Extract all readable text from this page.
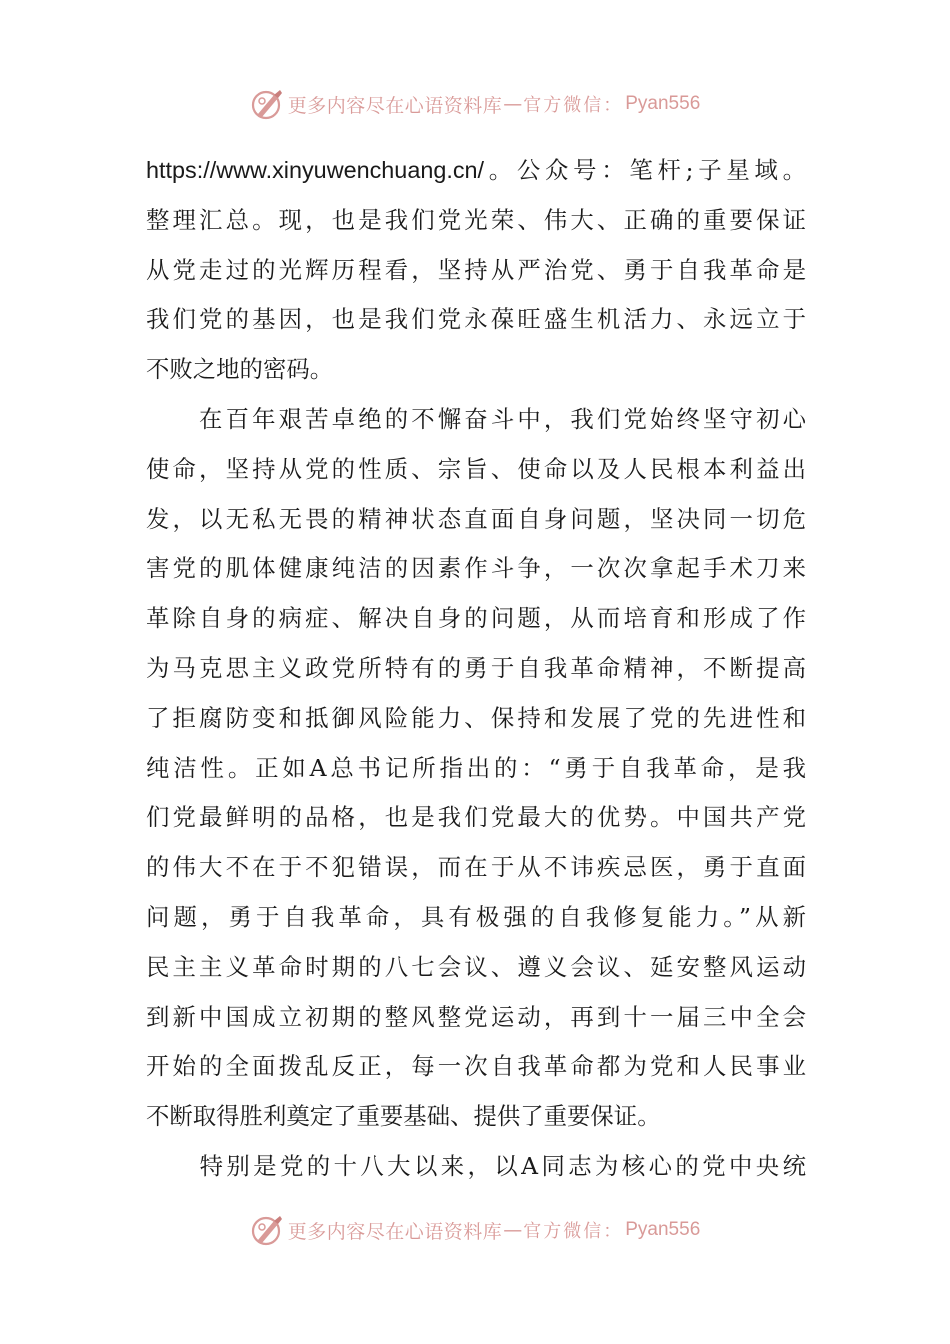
更多内容尽在心语资料库 — 官方微信： Pyan556
https://www.xinyuwenchuang.cn/。公众号：笔杆;子星域。
整理汇总。现，也是我们党光荣、伟大、正确的重要保证
从党走过的光辉历程看，坚持从严治党、勇于自我革命是
我们党的基因，也是我们党永葆旺盛生机活力、永远立于
不败之地的密码。
　　在百年艰苦卓绝的不懈奋斗中，我们党始终坚守初心
使命，坚持从党的性质、宗旨、使命以及人民根本利益出
发，以无私无畏的精神状态直面自身问题，坚决同一切危
害党的肌体健康纯洁的因素作斗争，一次次拿起手术刀来
革除自身的病症、解决自身的问题，从而培育和形成了作
为马克思主义政党所特有的勇于自我革命精神，不断提高
了拒腐防变和抵御风险能力、保持和发展了党的先进性和
纯洁性。正如A总书记所指出的：“勇于自我革命，是我
们党最鲜明的品格，也是我们党最大的优势。中国共产党
的伟大不在于不犯错误，而在于从不讳疾忌医，勇于直面
问题，勇于自我革命，具有极强的自我修复能力。”从新
民主主义革命时期的八七会议、遵义会议、延安整风运动
到新中国成立初期的整风整党运动，再到十一届三中全会
开始的全面拨乱反正，每一次自我革命都为党和人民事业
不断取得胜利奠定了重要基础、提供了重要保证。
　　特别是党的十八大以来，以A同志为核心的党中央统
更多内容尽在心语资料库 — 官方微信： Pyan556
